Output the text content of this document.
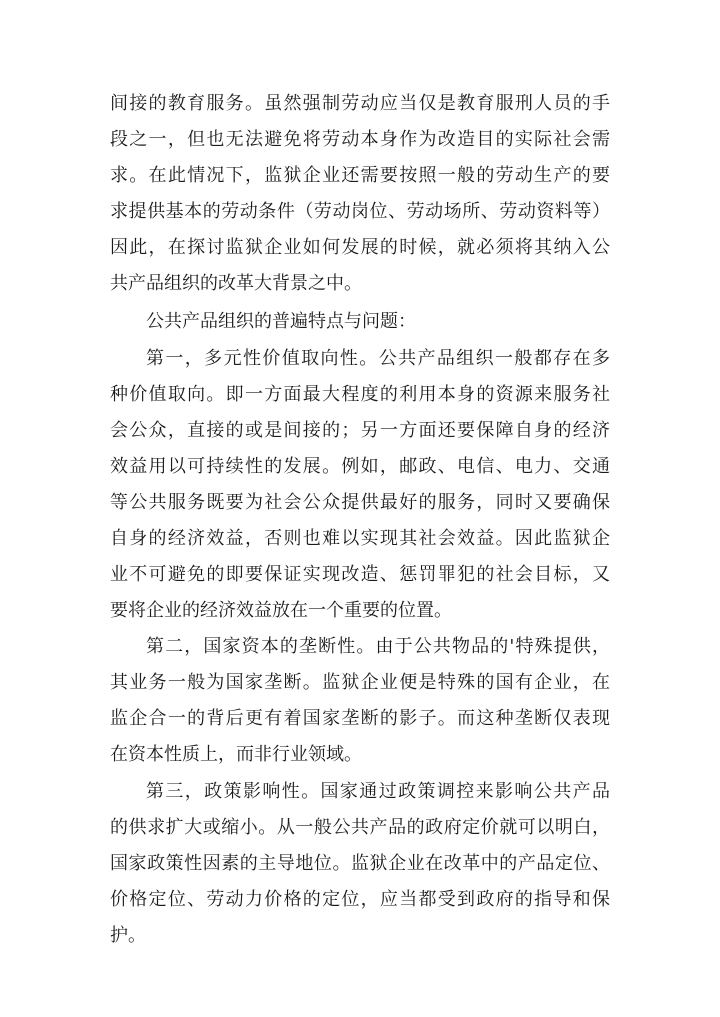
间接的教育服务。虽然强制劳动应当仅是教育服刑人员的手

段之一，但也无法避免将劳动本身作为改造目的实际社会需

求。在此情况下，监狱企业还需要按照一般的劳动生产的要

求提供基本的劳动条件（劳动岗位、劳动场所、劳动资料等）

因此，在探讨监狱企业如何发展的时候，就必须将其纳入公

共产品组织的改革大背景之中。

公共产品组织的普遍特点与问题：

第一，多元性价值取向性。公共产品组织一般都存在多

种价值取向。即一方面最大程度的利用本身的资源来服务社

会公众，直接的或是间接的；另一方面还要保障自身的经济

效益用以可持续性的发展。例如，邮政、电信、电力、交通

等公共服务既要为社会公众提供最好的服务，同时又要确保

自身的经济效益，否则也难以实现其社会效益。因此监狱企

业不可避免的即要保证实现改造、惩罚罪犯的社会目标，又

要将企业的经济效益放在一个重要的位置。

第二，国家资本的垄断性。由于公共物品的'特殊提供，

其业务一般为国家垄断。监狱企业便是特殊的国有企业，在

监企合一的背后更有着国家垄断的影子。而这种垄断仅表现

在资本性质上，而非行业领域。

第三，政策影响性。国家通过政策调控来影响公共产品

的供求扩大或缩小。从一般公共产品的政府定价就可以明白，

国家政策性因素的主导地位。监狱企业在改革中的产品定位、

价格定位、劳动力价格的定位，应当都受到政府的指导和保

护。
